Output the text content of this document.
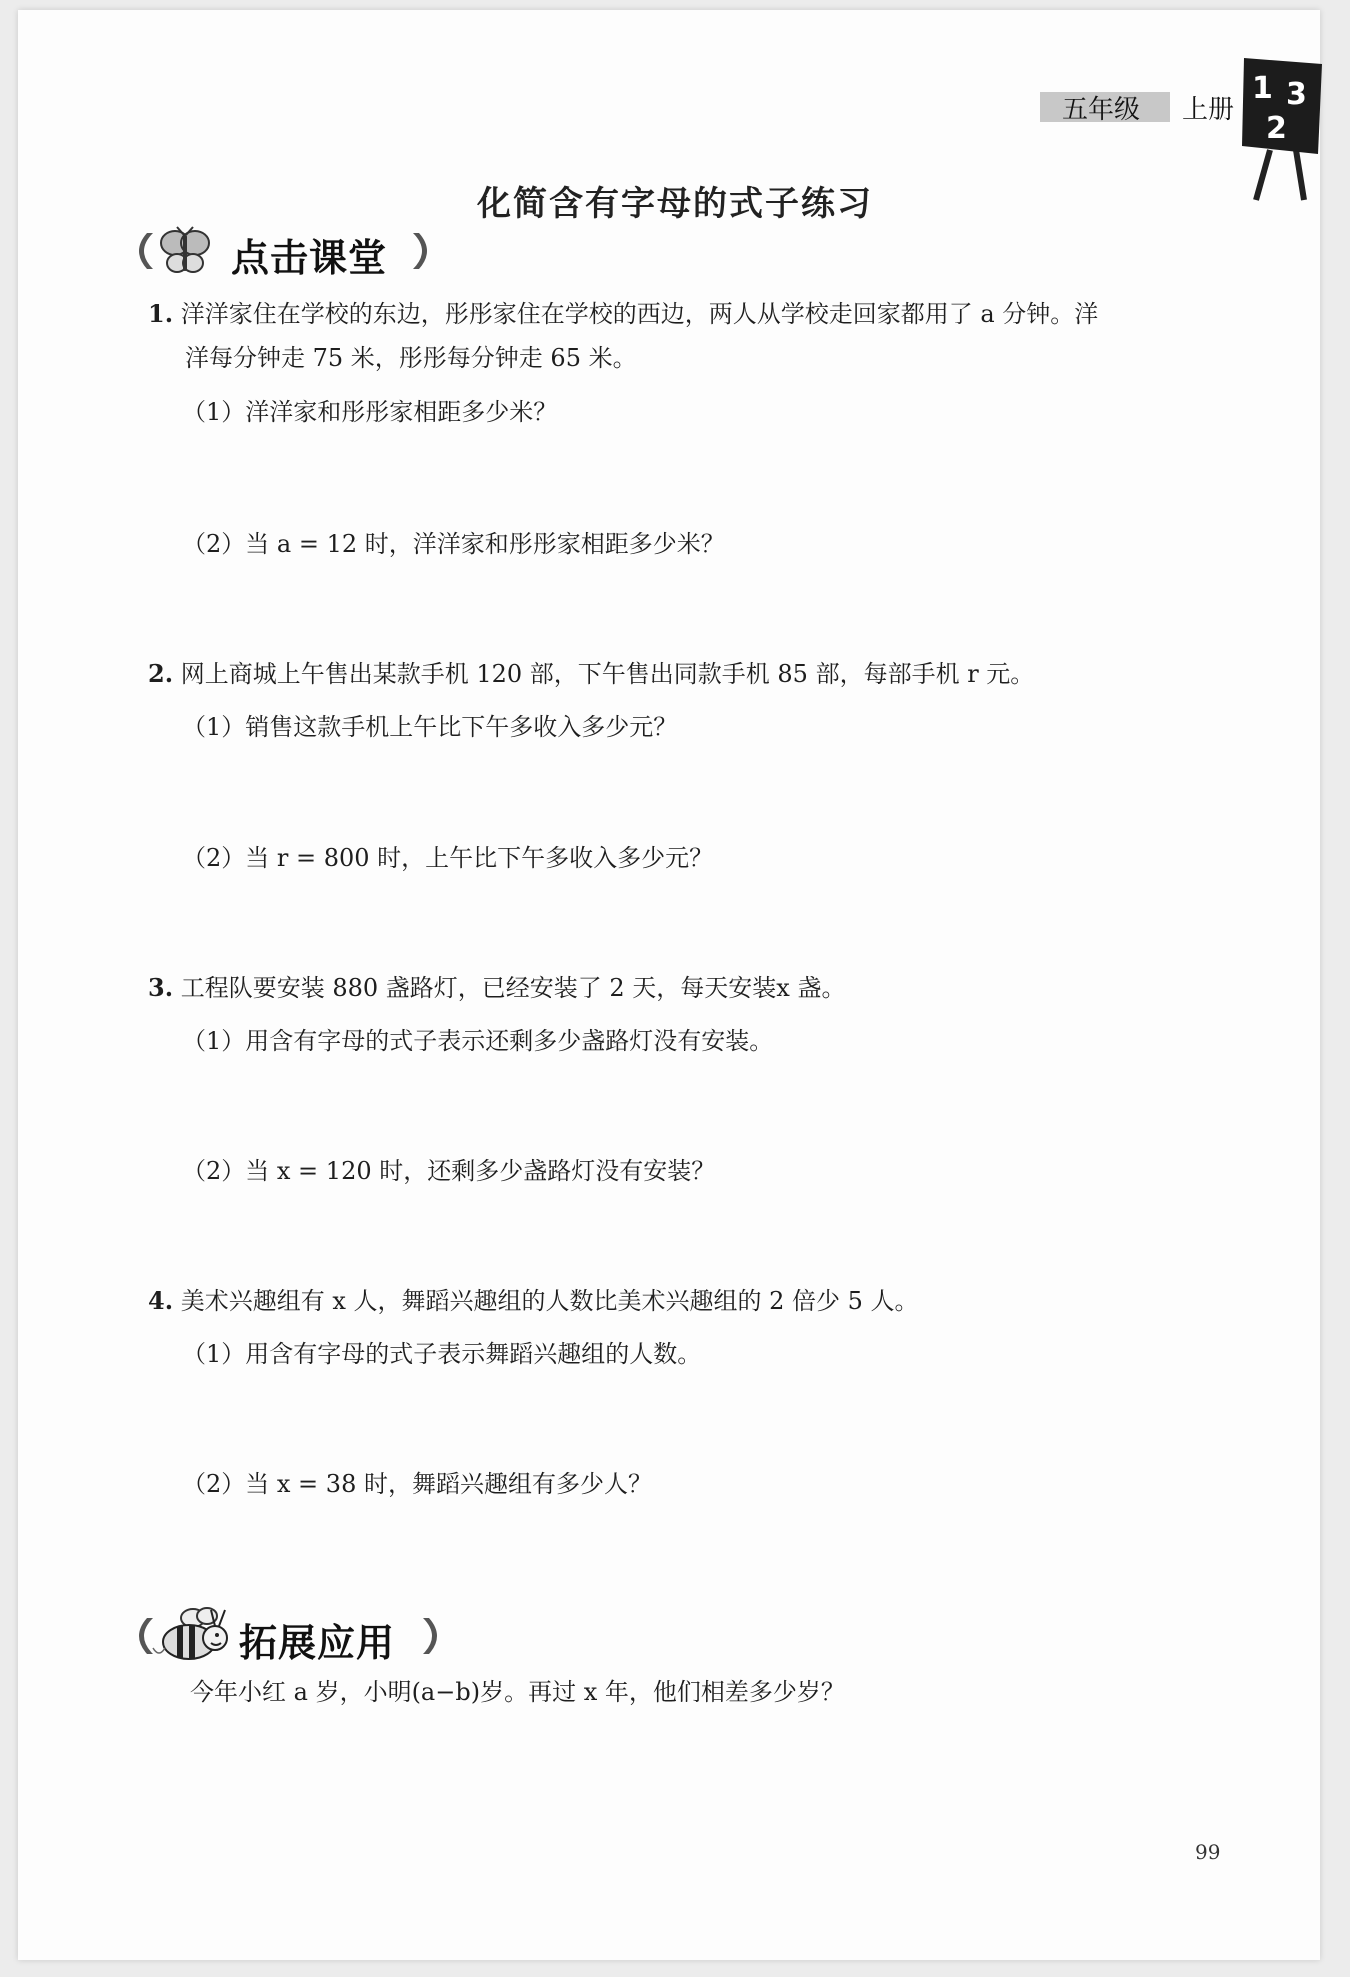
五年级 上册
1 3
2
化简含有字母的式子练习
点击课堂
1. 洋洋家住在学校的东边，彤彤家住在学校的西边，两人从学校走回家都用了 a 分钟。洋
洋每分钟走 75 米，彤彤每分钟走 65 米。
（1）洋洋家和彤彤家相距多少米？
（2）当 a = 12 时，洋洋家和彤彤家相距多少米？
2. 网上商城上午售出某款手机 120 部，下午售出同款手机 85 部，每部手机 r 元。
（1）销售这款手机上午比下午多收入多少元？
（2）当 r = 800 时，上午比下午多收入多少元？
3. 工程队要安装 880 盏路灯，已经安装了 2 天，每天安装x 盏。
（1）用含有字母的式子表示还剩多少盏路灯没有安装。
（2）当 x = 120 时，还剩多少盏路灯没有安装？
4. 美术兴趣组有 x 人，舞蹈兴趣组的人数比美术兴趣组的 2 倍少 5 人。
（1）用含有字母的式子表示舞蹈兴趣组的人数。
（2）当 x = 38 时，舞蹈兴趣组有多少人？
拓展应用
今年小红 a 岁，小明(a−b)岁。再过 x 年，他们相差多少岁？
99
